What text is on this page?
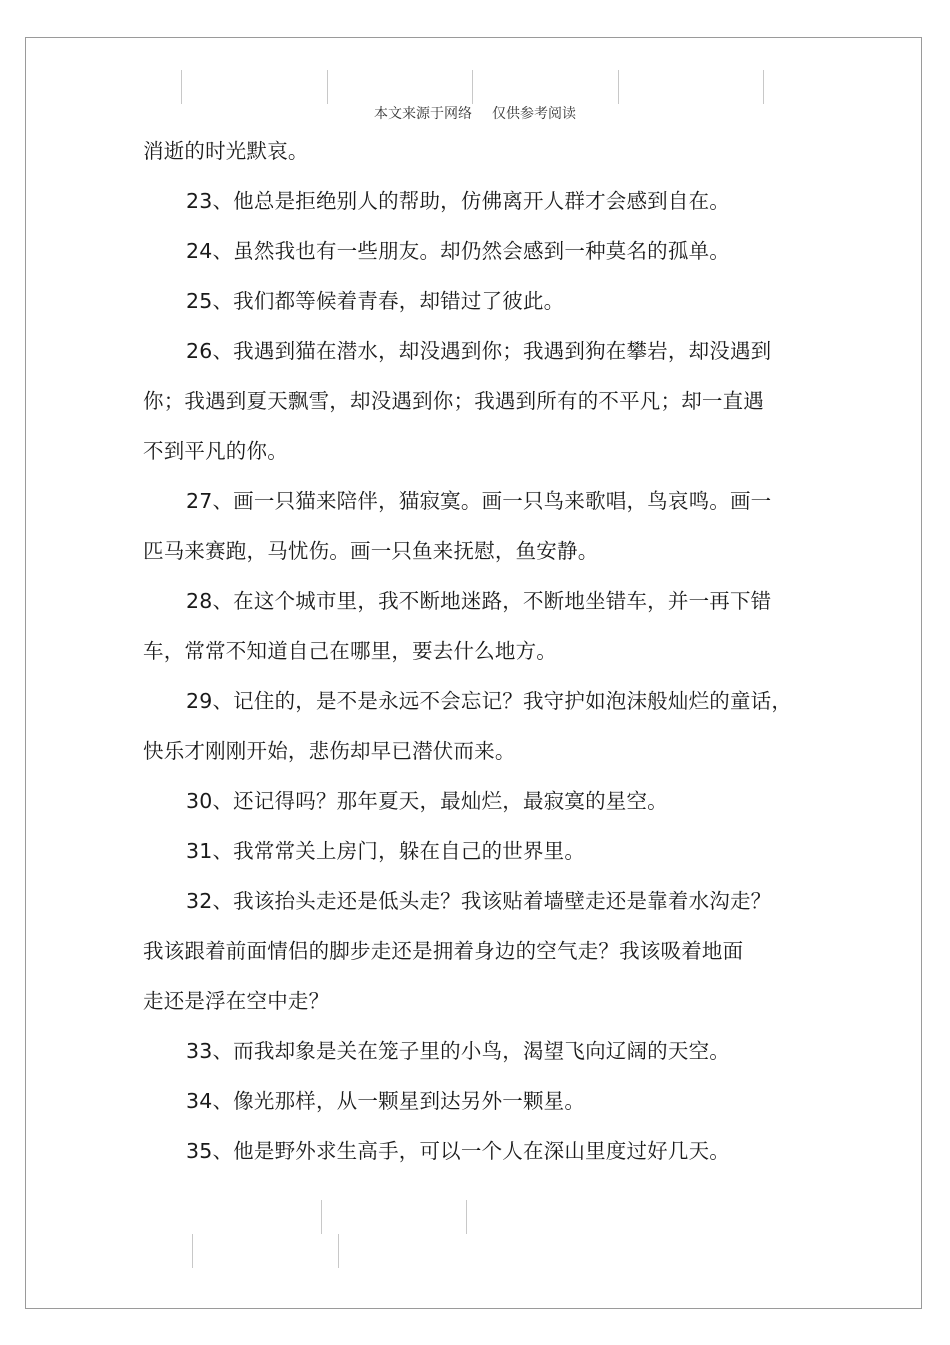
本文来源于网络 仅供参考阅读
消逝的时光默哀。
23、他总是拒绝别人的帮助，仿佛离开人群才会感到自在。
24、虽然我也有一些朋友。却仍然会感到一种莫名的孤单。
25、我们都等候着青春，却错过了彼此。
26、我遇到猫在潜水，却没遇到你；我遇到狗在攀岩，却没遇到
你；我遇到夏天飘雪，却没遇到你；我遇到所有的不平凡；却一直遇
不到平凡的你。
27、画一只猫来陪伴，猫寂寞。画一只鸟来歌唱，鸟哀鸣。画一
匹马来赛跑，马忧伤。画一只鱼来抚慰，鱼安静。
28、在这个城市里，我不断地迷路，不断地坐错车，并一再下错
车，常常不知道自己在哪里，要去什么地方。
29、记住的，是不是永远不会忘记？我守护如泡沫般灿烂的童话，
快乐才刚刚开始，悲伤却早已潜伏而来。
30、还记得吗？那年夏天，最灿烂，最寂寞的星空。
31、我常常关上房门，躲在自己的世界里。
32、我该抬头走还是低头走？我该贴着墙壁走还是靠着水沟走？
我该跟着前面情侣的脚步走还是拥着身边的空气走？我该吸着地面
走还是浮在空中走？
33、而我却象是关在笼子里的小鸟，渴望飞向辽阔的天空。
34、像光那样，从一颗星到达另外一颗星。
35、他是野外求生高手，可以一个人在深山里度过好几天。
